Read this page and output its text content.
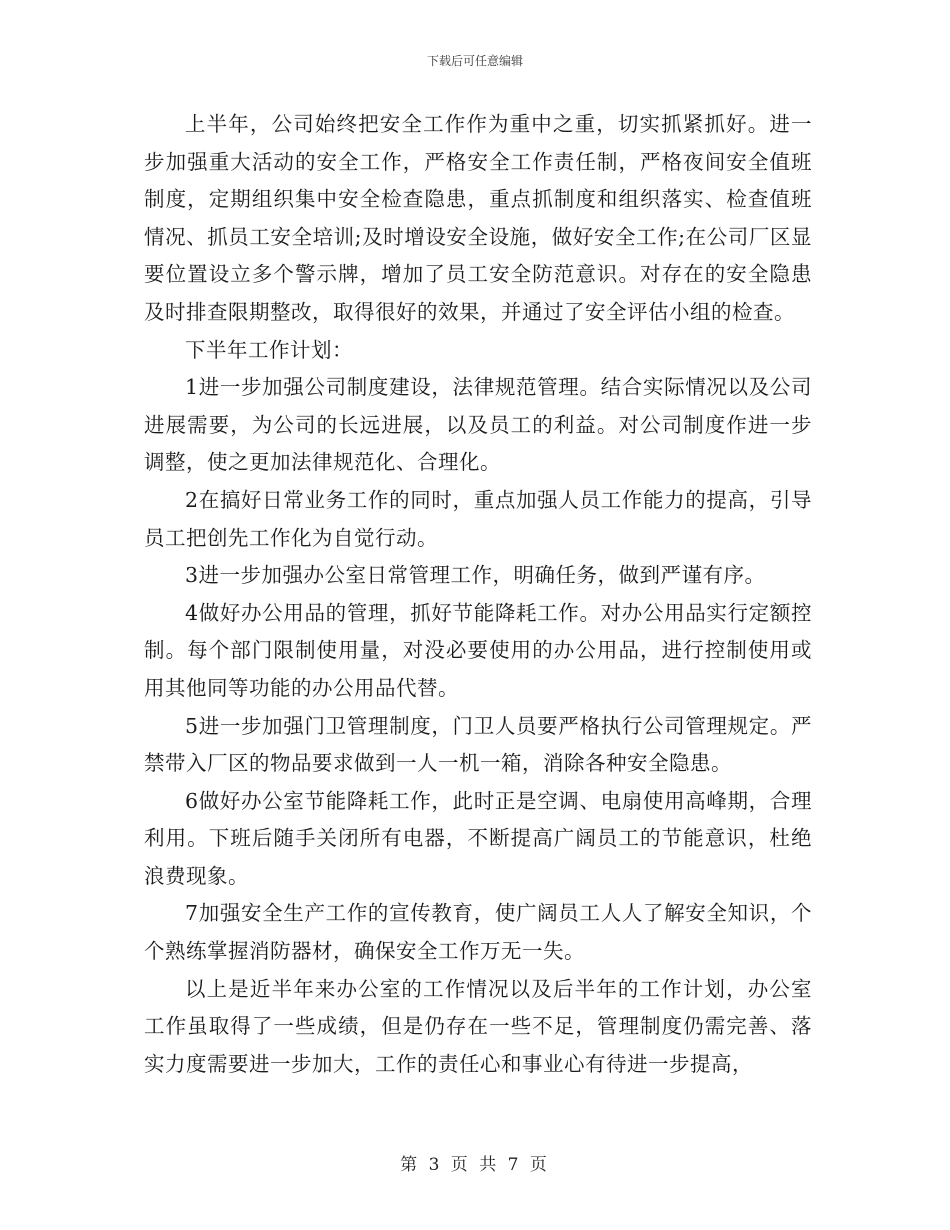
下载后可任意编辑

上半年，公司始终把安全工作作为重中之重，切实抓紧抓好。进一步加强重大活动的安全工作，严格安全工作责任制，严格夜间安全值班制度，定期组织集中安全检查隐患，重点抓制度和组织落实、检查值班情况、抓员工安全培训;及时增设安全设施，做好安全工作;在公司厂区显要位置设立多个警示牌，增加了员工安全防范意识。对存在的安全隐患及时排查限期整改，取得很好的效果，并通过了安全评估小组的检查。

下半年工作计划：

1进一步加强公司制度建设，法律规范管理。结合实际情况以及公司进展需要，为公司的长远进展，以及员工的利益。对公司制度作进一步调整，使之更加法律规范化、合理化。

2在搞好日常业务工作的同时，重点加强人员工作能力的提高，引导员工把创先工作化为自觉行动。

3进一步加强办公室日常管理工作，明确任务，做到严谨有序。

4做好办公用品的管理，抓好节能降耗工作。对办公用品实行定额控制。每个部门限制使用量，对没必要使用的办公用品，进行控制使用或用其他同等功能的办公用品代替。

5进一步加强门卫管理制度，门卫人员要严格执行公司管理规定。严禁带入厂区的物品要求做到一人一机一箱，消除各种安全隐患。

6做好办公室节能降耗工作，此时正是空调、电扇使用高峰期，合理利用。下班后随手关闭所有电器，不断提高广阔员工的节能意识，杜绝浪费现象。

7加强安全生产工作的宣传教育，使广阔员工人人了解安全知识，个个熟练掌握消防器材，确保安全工作万无一失。

以上是近半年来办公室的工作情况以及后半年的工作计划，办公室工作虽取得了一些成绩，但是仍存在一些不足，管理制度仍需完善、落实力度需要进一步加大，工作的责任心和事业心有待进一步提高，

第 3 页 共 7 页
